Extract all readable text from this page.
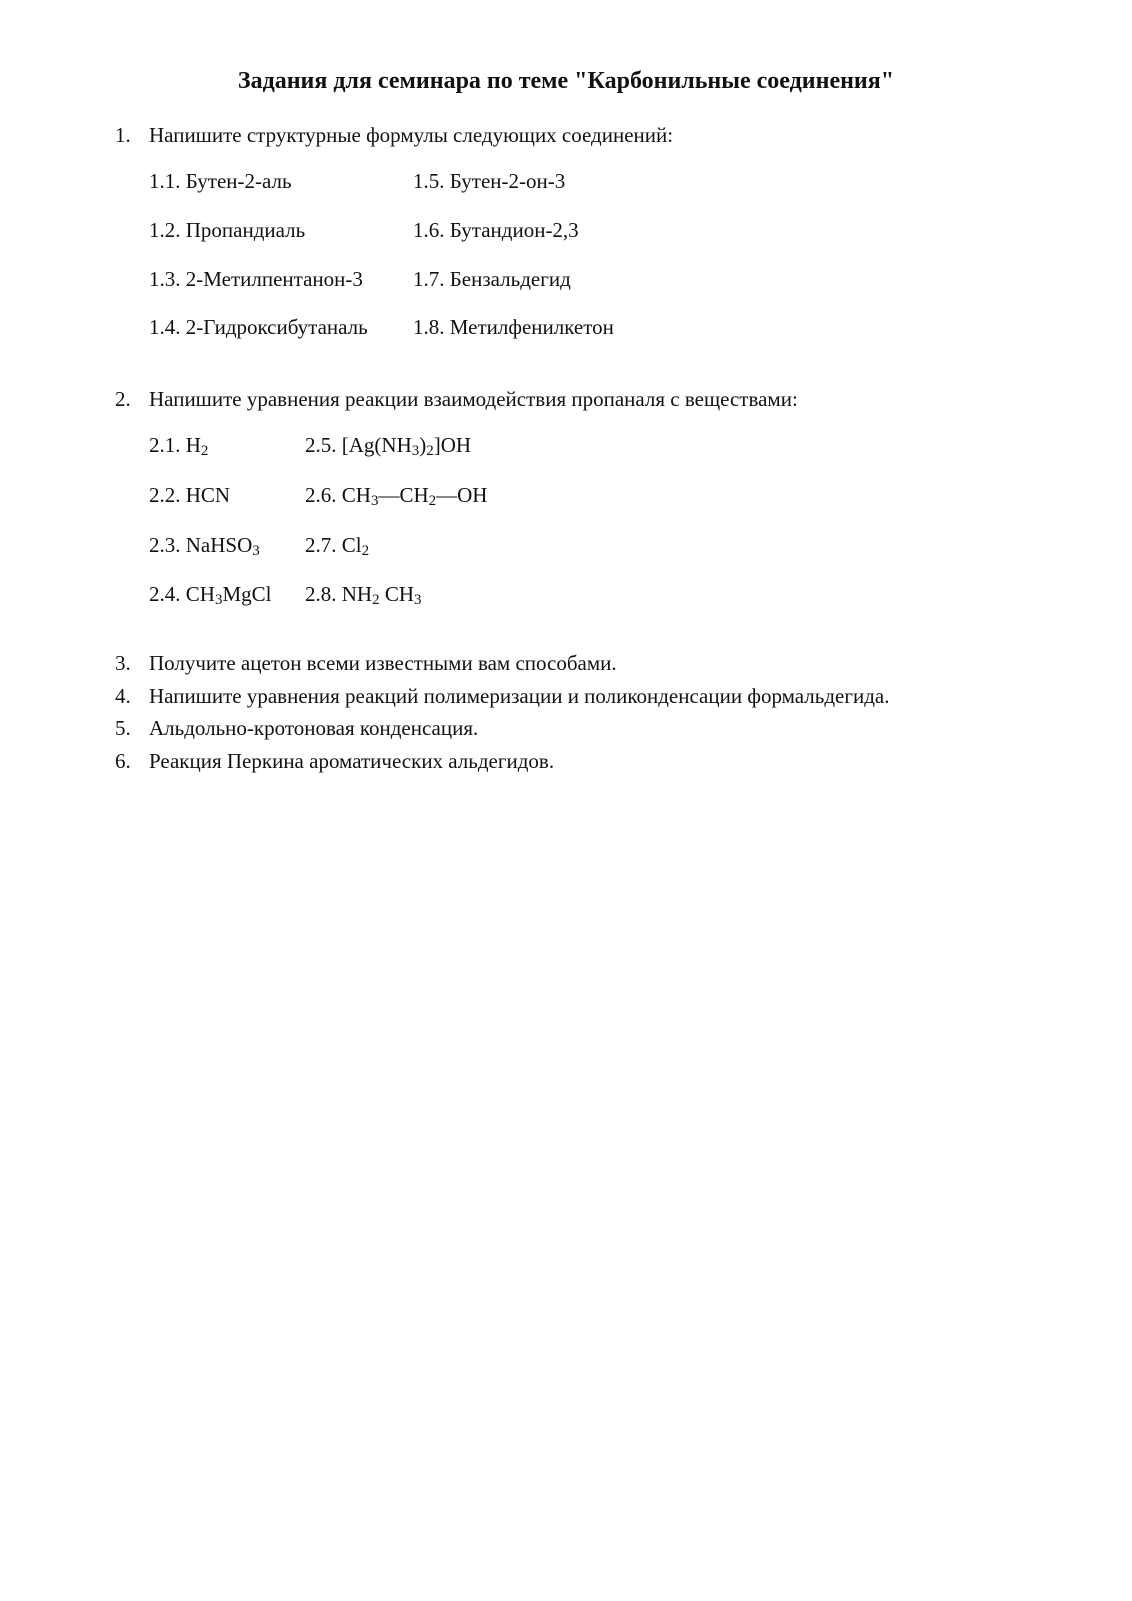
Задания для семинара по теме "Карбонильные соединения"
1. Напишите структурные формулы следующих соединений:
1.1. Бутен-2-аль
1.2. Пропандиаль
1.3. 2-Метилпентанон-3
1.4. 2-Гидроксибутаналь
1.5. Бутен-2-он-3
1.6. Бутандион-2,3
1.7. Бензальдегид
1.8. Метилфенилкетон
2. Напишите уравнения реакции взаимодействия пропаналя с веществами:
2.1. $H_2$
2.2. HCN
2.3. NaHSO$_3$
2.4. $CH_3MgCl$
2.5. $[Ag(NH_3)_2]OH$
2.6. $CH_3—CH_2—OH$
2.7. $Cl_2$
2.8. $NH_2$ $CH_3$
3. Получите ацетон всеми известными вам способами.
4. Напишите уравнения реакций полимеризации и поликонденсации формальдегида.
5. Альдольно-кротоновая конденсация.
6. Реакция Перкина ароматических альдегидов.
